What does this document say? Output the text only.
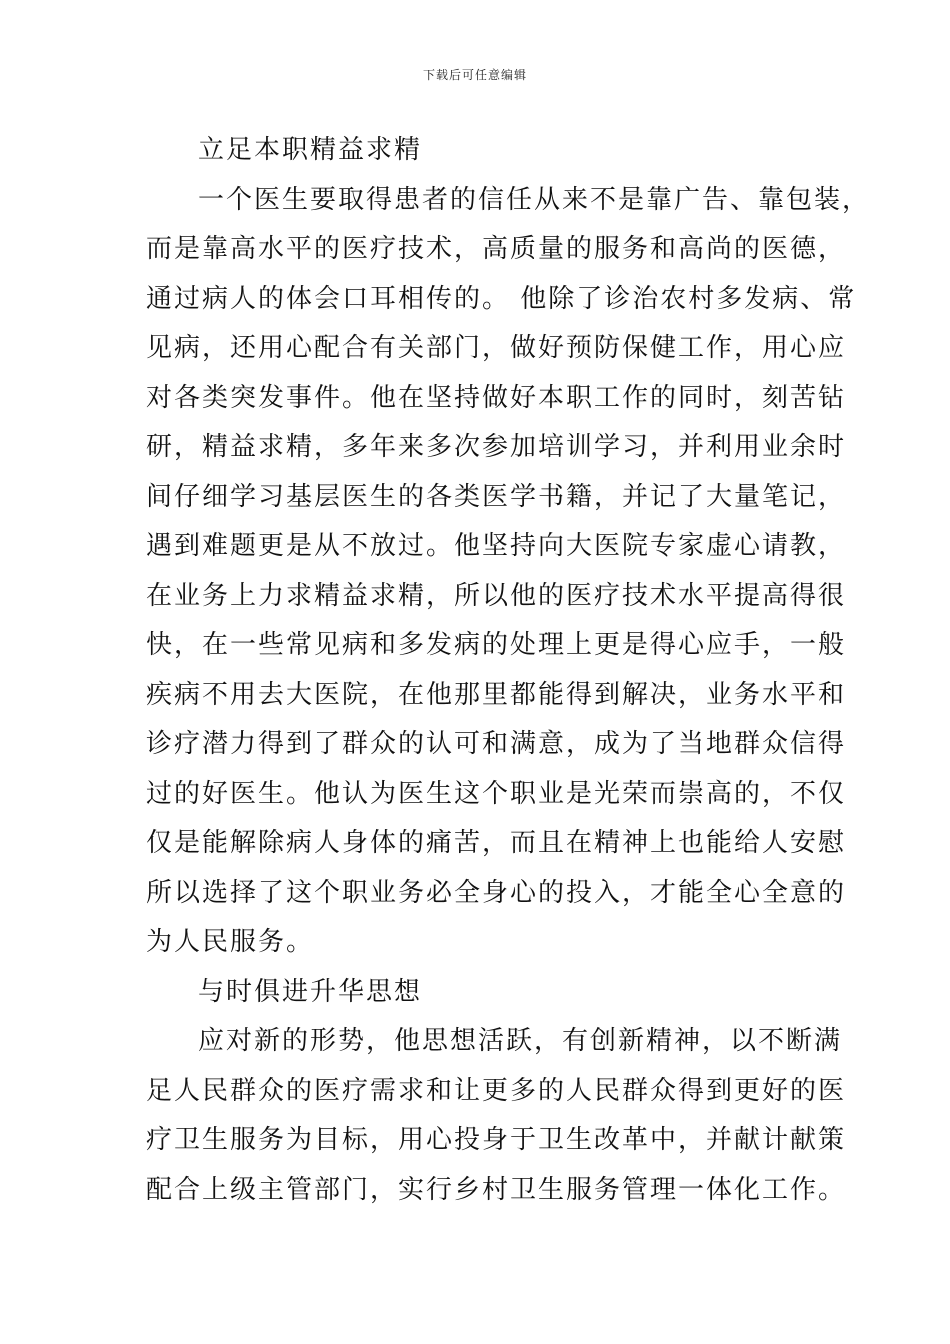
下载后可任意编辑
立足本职精益求精
一个医生要取得患者的信任从来不是靠广告、靠包装，
而是靠高水平的医疗技术，高质量的服务和高尚的医德，
通过病人的体会口耳相传的。 他除了诊治农村多发病、常
见病，还用心配合有关部门，做好预防保健工作，用心应
对各类突发事件。他在坚持做好本职工作的同时，刻苦钻
研，精益求精，多年来多次参加培训学习，并利用业余时
间仔细学习基层医生的各类医学书籍，并记了大量笔记，
遇到难题更是从不放过。他坚持向大医院专家虚心请教，
在业务上力求精益求精，所以他的医疗技术水平提高得很
快，在一些常见病和多发病的处理上更是得心应手，一般
疾病不用去大医院，在他那里都能得到解决，业务水平和
诊疗潜力得到了群众的认可和满意，成为了当地群众信得
过的好医生。他认为医生这个职业是光荣而崇高的，不仅
仅是能解除病人身体的痛苦，而且在精神上也能给人安慰
所以选择了这个职业务必全身心的投入，才能全心全意的
为人民服务。
与时俱进升华思想
应对新的形势，他思想活跃，有创新精神，以不断满
足人民群众的医疗需求和让更多的人民群众得到更好的医
疗卫生服务为目标，用心投身于卫生改革中，并献计献策
配合上级主管部门，实行乡村卫生服务管理一体化工作。
